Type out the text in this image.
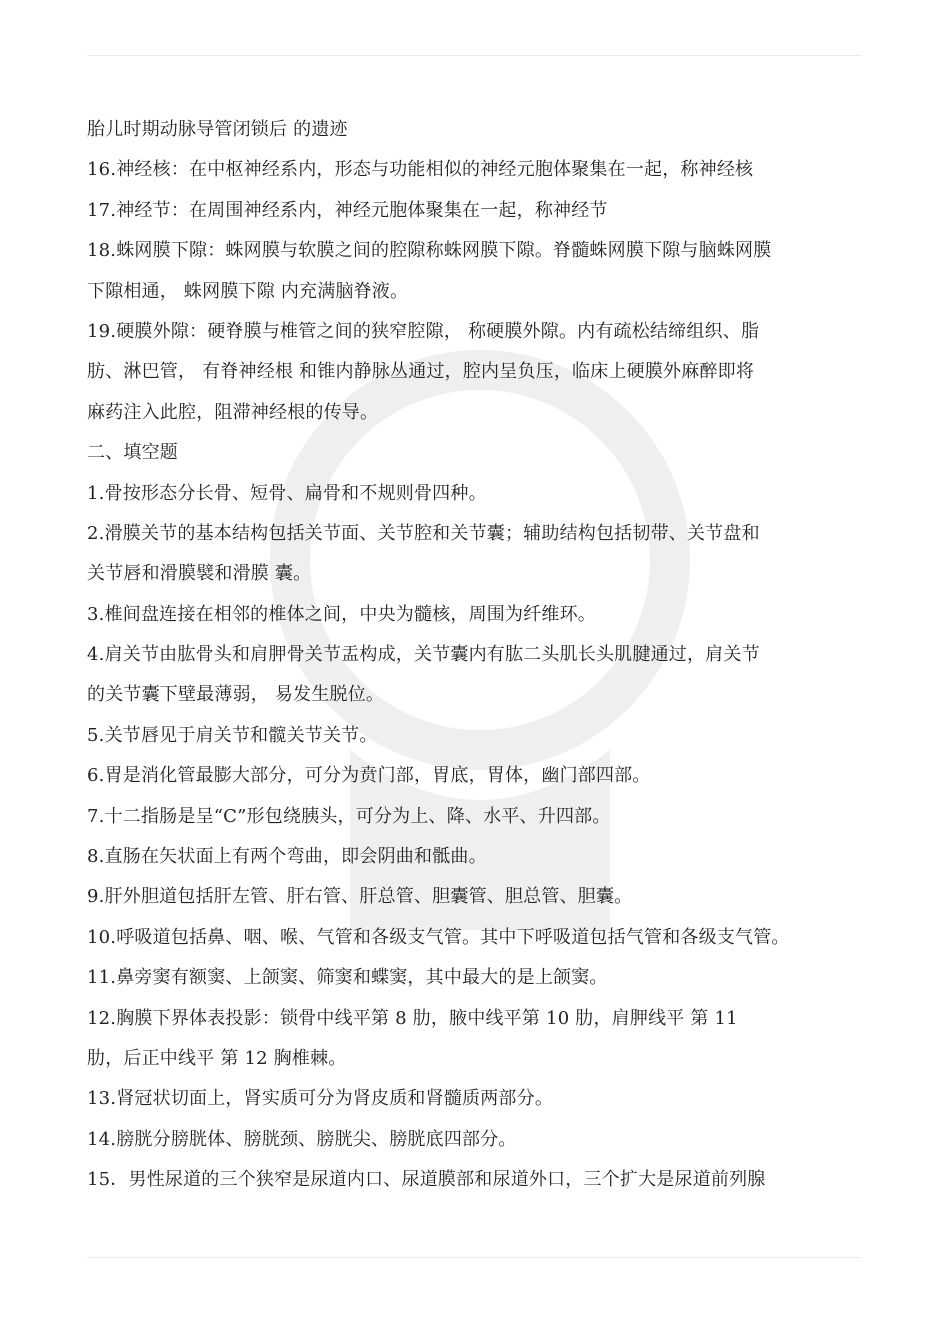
胎儿时期动脉导管闭锁后 的遗迹
16.神经核：在中枢神经系内，形态与功能相似的神经元胞体聚集在一起，称神经核
17.神经节：在周围神经系内，神经元胞体聚集在一起，称神经节
18.蛛网膜下隙：蛛网膜与软膜之间的腔隙称蛛网膜下隙。脊髓蛛网膜下隙与脑蛛网膜
下隙相通， 蛛网膜下隙 内充满脑脊液。
19.硬膜外隙：硬脊膜与椎管之间的狭窄腔隙， 称硬膜外隙。内有疏松结缔组织、脂
肪、淋巴管， 有脊神经根 和锥内静脉丛通过，腔内呈负压，临床上硬膜外麻醉即将
麻药注入此腔，阻滞神经根的传导。
二、填空题
1.骨按形态分长骨、短骨、扁骨和不规则骨四种。
2.滑膜关节的基本结构包括关节面、关节腔和关节囊；辅助结构包括韧带、关节盘和
关节唇和滑膜襞和滑膜 囊。
3.椎间盘连接在相邻的椎体之间，中央为髓核，周围为纤维环。
4.肩关节由肱骨头和肩胛骨关节盂构成，关节囊内有肱二头肌长头肌腱通过，肩关节
的关节囊下壁最薄弱， 易发生脱位。
5.关节唇见于肩关节和髋关节关节。
6.胃是消化管最膨大部分，可分为贲门部，胃底，胃体，幽门部四部。
7.十二指肠是呈“C”形包绕胰头，可分为上、降、水平、升四部。
8.直肠在矢状面上有两个弯曲，即会阴曲和骶曲。
9.肝外胆道包括肝左管、肝右管、肝总管、胆囊管、胆总管、胆囊。
10.呼吸道包括鼻、咽、喉、气管和各级支气管。其中下呼吸道包括气管和各级支气管。
11.鼻旁窦有额窦、上颌窦、筛窦和蝶窦，其中最大的是上颌窦。
12.胸膜下界体表投影：锁骨中线平第 8 肋，腋中线平第 10 肋，肩胛线平 第 11
肋，后正中线平 第 12 胸椎棘。
13.肾冠状切面上，肾实质可分为肾皮质和肾髓质两部分。
14.膀胱分膀胱体、膀胱颈、膀胱尖、膀胱底四部分。
15．男性尿道的三个狭窄是尿道内口、尿道膜部和尿道外口，三个扩大是尿道前列腺
